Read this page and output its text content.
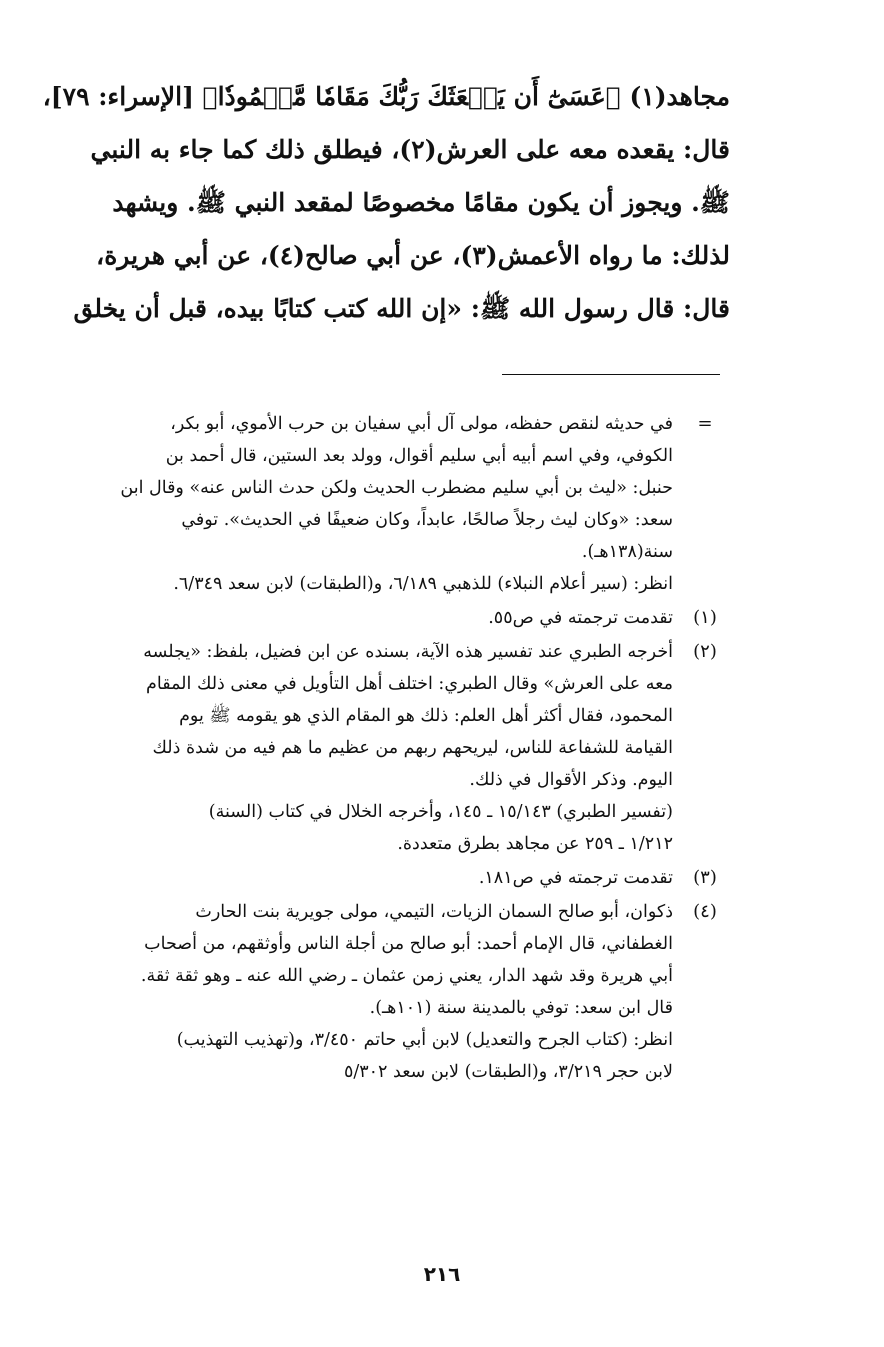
مجاهد(١) ﴿عَسَىٰٓ أَن يَبۡعَثَكَ رَبُّكَ مَقَامٗا مَّحۡمُودٗا﴾ [الإسراء: ٧٩]،
قال: يقعده معه على العرش(٢)، فيطلق ذلك كما جاء به النبي
ﷺ. ويجوز أن يكون مقامًا مخصوصًا لمقعد النبي ﷺ. ويشهد
لذلك: ما رواه الأعمش(٣)، عن أبي صالح(٤)، عن أبي هريرة،
قال: قال رسول الله ﷺ: «إن الله كتب كتابًا بيده، قبل أن يخلق
=
في حديثه لنقص حفظه، مولى آل أبي سفيان بن حرب الأموي، أبو بكر،
الكوفي، وفي اسم أبيه أبي سليم أقوال، وولد بعد الستين، قال أحمد بن
حنبل: «ليث بن أبي سليم مضطرب الحديث ولكن حدث الناس عنه» وقال ابن
سعد: «وكان ليث رجلاً صالحًا، عابداً، وكان ضعيفًا في الحديث». توفي
سنة(١٣٨هـ).
انظر: (سير أعلام النبلاء) للذهبي ٦/١٨٩، و(الطبقات) لابن سعد ٦/٣٤٩.
(١)
تقدمت ترجمته في ص٥٥.
(٢)
أخرجه الطبري عند تفسير هذه الآية، بسنده عن ابن فضيل، بلفظ: «يجلسه
معه على العرش» وقال الطبري: اختلف أهل التأويل في معنى ذلك المقام
المحمود، فقال أكثر أهل العلم: ذلك هو المقام الذي هو يقومه ﷺ يوم
القيامة للشفاعة للناس، ليريحهم ربهم من عظيم ما هم فيه من شدة ذلك
اليوم. وذكر الأقوال في ذلك.
(تفسير الطبري) ١٥/١٤٣ ـ ١٤٥، وأخرجه الخلال في كتاب (السنة)
١/٢١٢ ـ ٢٥٩ عن مجاهد بطرق متعددة.
(٣)
تقدمت ترجمته في ص١٨١.
(٤)
ذكوان، أبو صالح السمان الزيات، التيمي، مولى جويرية بنت الحارث
الغطفاني، قال الإمام أحمد: أبو صالح من أجلة الناس وأوثقهم، من أصحاب
أبي هريرة وقد شهد الدار، يعني زمن عثمان ـ رضي الله عنه ـ وهو ثقة ثقة.
قال ابن سعد: توفي بالمدينة سنة (١٠١هـ).
انظر: (كتاب الجرح والتعديل) لابن أبي حاتم ٣/٤٥٠، و(تهذيب التهذيب)
لابن حجر ٣/٢١٩، و(الطبقات) لابن سعد ٥/٣٠٢
٢١٦
